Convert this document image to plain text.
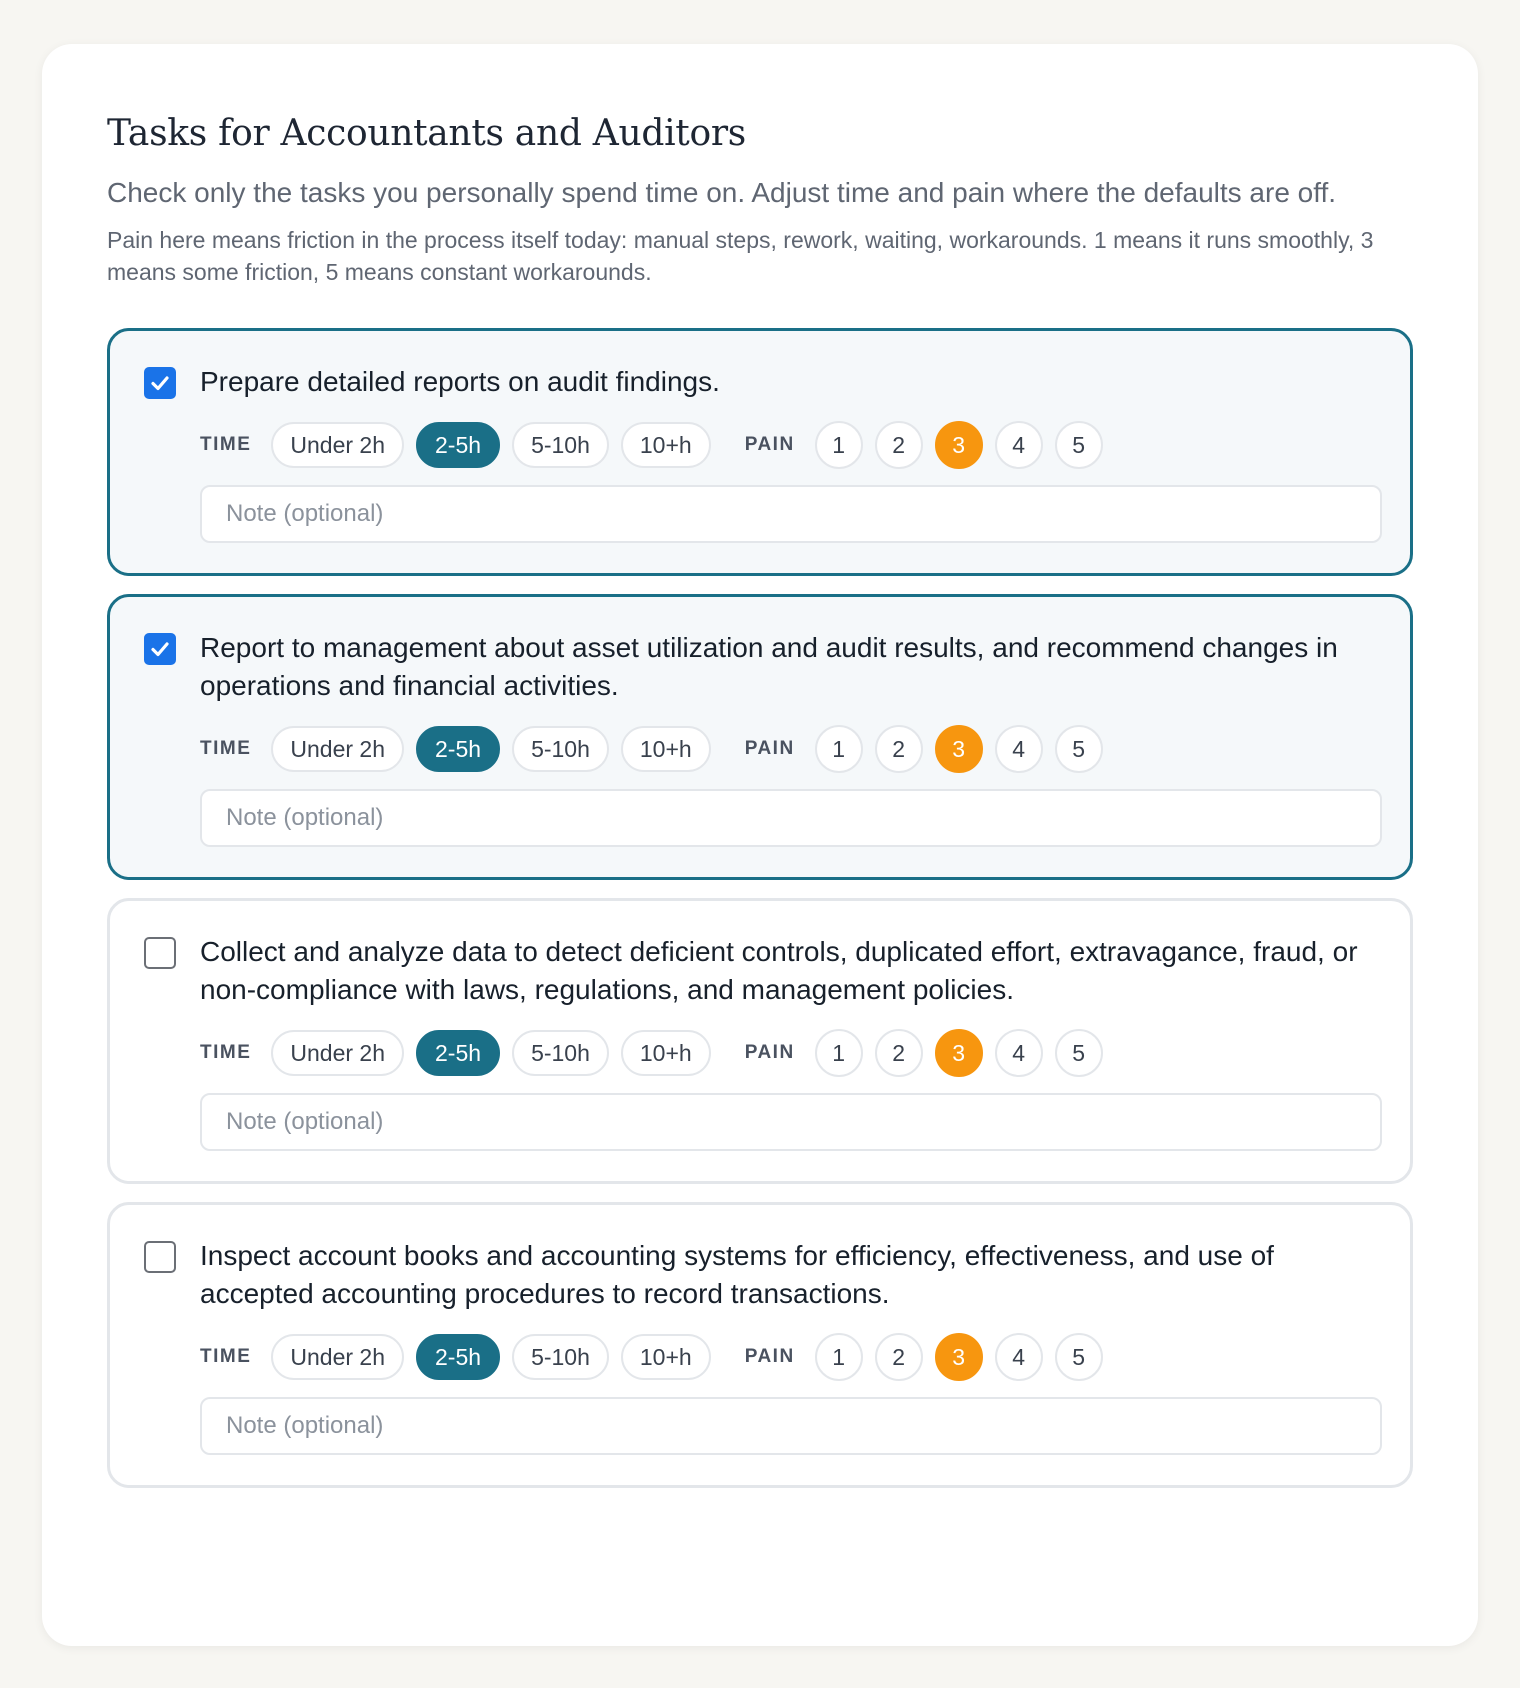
Tasks for Accountants and Auditors

Check only the tasks you personally spend time on. Adjust time and pain where the defaults are off.

Pain here means friction in the process itself today: manual steps, rework, waiting, workarounds. 1 means it runs smoothly, 3 means some friction, 5 means constant workarounds.

Prepare detailed reports on audit findings.
TIME	Under 2h	2-5h	5-10h	10+h	PAIN	1	2	3	4	5
Note (optional)
Report to management about asset utilization and audit results, and recommend changes in operations and financial activities.
TIME	Under 2h	2-5h	5-10h	10+h	PAIN	1	2	3	4	5
Note (optional)
Collect and analyze data to detect deficient controls, duplicated effort, extravagance, fraud, or non-compliance with laws, regulations, and management policies.
TIME	Under 2h	2-5h	5-10h	10+h	PAIN	1	2	3	4	5
Note (optional)
Inspect account books and accounting systems for efficiency, effectiveness, and use of accepted accounting procedures to record transactions.
TIME	Under 2h	2-5h	5-10h	10+h	PAIN	1	2	3	4	5
Note (optional)
